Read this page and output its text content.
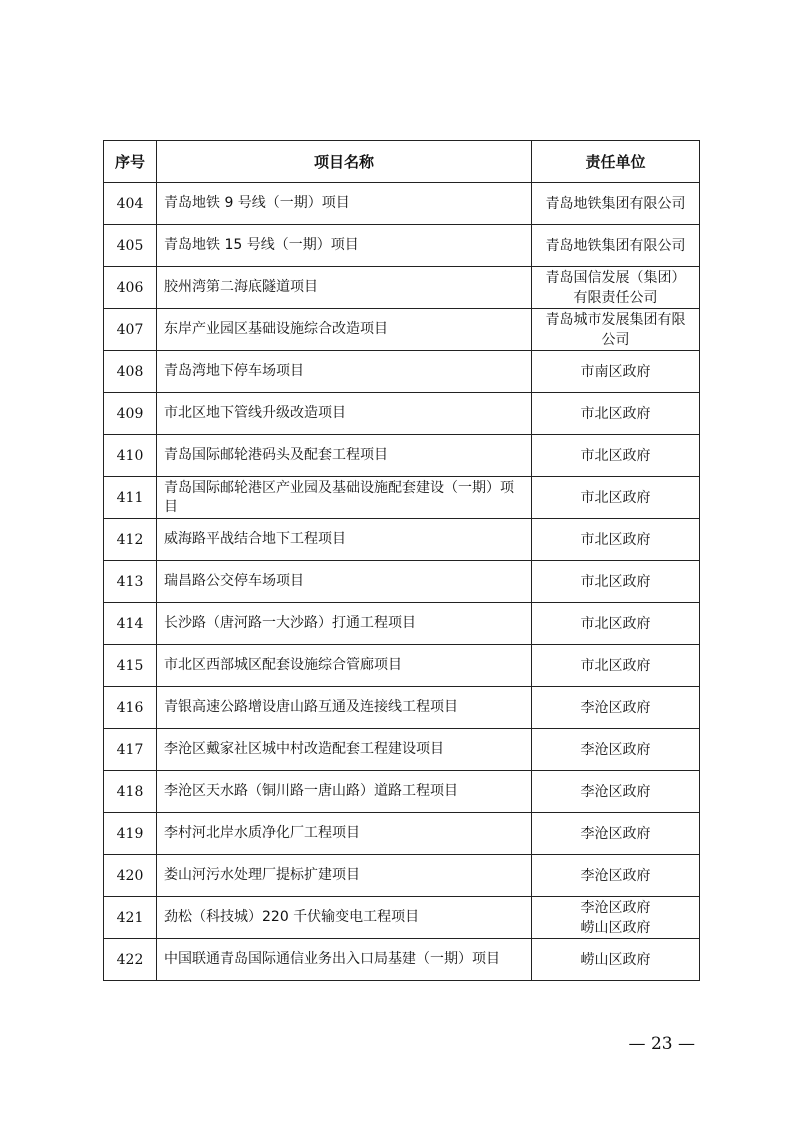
序号	项目名称	责任单位
404	青岛地铁 9 号线（一期）项目	青岛地铁集团有限公司
405	青岛地铁 15 号线（一期）项目	青岛地铁集团有限公司
406	胶州湾第二海底隧道项目	青岛国信发展（集团）
有限责任公司
407	东岸产业园区基础设施综合改造项目	青岛城市发展集团有限
公司
408	青岛湾地下停车场项目	市南区政府
409	市北区地下管线升级改造项目	市北区政府
410	青岛国际邮轮港码头及配套工程项目	市北区政府
411	青岛国际邮轮港区产业园及基础设施配套建设（一期）项目	市北区政府
412	威海路平战结合地下工程项目	市北区政府
413	瑞昌路公交停车场项目	市北区政府
414	长沙路（唐河路一大沙路）打通工程项目	市北区政府
415	市北区西部城区配套设施综合管廊项目	市北区政府
416	青银高速公路增设唐山路互通及连接线工程项目	李沧区政府
417	李沧区戴家社区城中村改造配套工程建设项目	李沧区政府
418	李沧区天水路（铜川路一唐山路）道路工程项目	李沧区政府
419	李村河北岸水质净化厂工程项目	李沧区政府
420	娄山河污水处理厂提标扩建项目	李沧区政府
421	劲松（科技城）220 千伏输变电工程项目	李沧区政府
崂山区政府
422	中国联通青岛国际通信业务出入口局基建（一期）项目	崂山区政府
— 23 —
